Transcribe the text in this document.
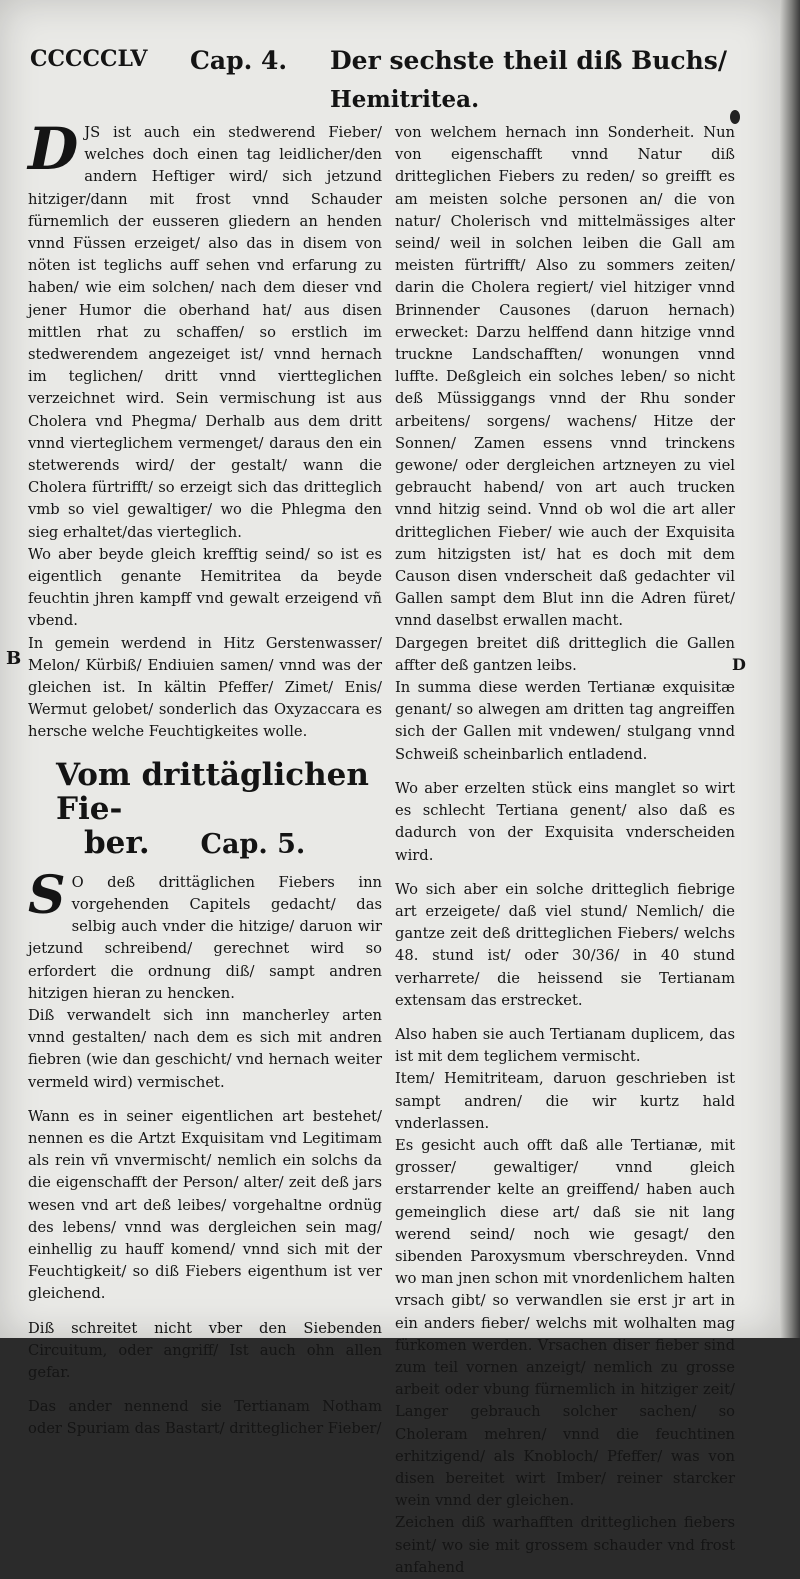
CCCCCLV Cap. 4. Der sechste theil diß Buchs/
Hemitritea.
B	D

D JS ist auch ein stedwerend Fieber/ welches doch einen tag leidlicher/den andern Heftiger wird/ sich jetzund hitziger/dann mit frost vnnd Schauder fürnemlich der eusseren gliedern an henden vnnd Füssen erzeiget/ also das in disem von nöten ist teglichs auff sehen vnd erfarung zu haben/ wie eim solchen/ nach dem dieser vnd jener Humor die oberhand hat/ aus disen mittlen rhat zu schaffen/ so erstlich im stedwerendem angezeiget ist/ vnnd hernach im teglichen/ dritt vnnd viertteglichen verzeichnet wird. Sein vermischung ist aus Cholera vnd Phegma/ Derhalb aus dem dritt vnnd vierteglichem vermenget/ daraus den ein stetwerends wird/ der gestalt/ wann die Cholera fürtrifft/ so erzeigt sich das dritteglich vmb so viel gewaltiger/ wo die Phlegma den sieg erhaltet/das vierteglich.

Wo aber beyde gleich krefftig seind/ so ist es eigentlich genante Hemitritea da beyde feuchtin jhren kampff vnd gewalt erzeigend vñ vbend.

In gemein werdend in Hitz Gerstenwasser/ Melon/ Kürbiß/ Endiuien samen/ vnnd was der gleichen ist. In kältin Pfeffer/ Zimet/ Enis/ Wermut gelobet/ sonderlich das Oxyzaccara es hersche welche Feuchtigkeites wolle.

Vom drittäglichen Fie-
ber. Cap. 5.

S O deß drittäglichen Fiebers inn vorgehenden Capitels gedacht/ das selbig auch vnder die hitzige/ daruon wir jetzund schreibend/ gerechnet wird so erfordert die ordnung diß/ sampt andren hitzigen hieran zu hencken.

Diß verwandelt sich inn mancherley arten vnnd gestalten/ nach dem es sich mit andren fiebren (wie dan geschicht/ vnd hernach weiter vermeld wird) vermischet.

Wann es in seiner eigentlichen art bestehet/ nennen es die Artzt Exquisitam vnd Legitimam als rein vñ vnvermischt/ nemlich ein solchs da die eigenschafft der Person/ alter/ zeit deß jars wesen vnd art deß leibes/ vorgehaltne ordnüg des lebens/ vnnd was dergleichen sein mag/ einhellig zu hauff komend/ vnnd sich mit der Feuchtigkeit/ so diß Fiebers eigenthum ist ver gleichend.

Diß schreitet nicht vber den Siebenden Circuitum, oder angriff/ Ist auch ohn allen gefar.

Das ander nennend sie Tertianam Notham oder Spuriam das Bastart/ dritteglicher Fieber/

von welchem hernach inn Sonderheit. Nun von eigenschafft vnnd Natur diß dritteglichen Fiebers zu reden/ so greifft es am meisten solche personen an/ die von natur/ Cholerisch vnd mittelmässiges alter seind/ weil in solchen leiben die Gall am meisten fürtrifft/ Also zu sommers zeiten/ darin die Cholera regiert/ viel hitziger vnnd Brinnender Causones (daruon hernach) erwecket: Darzu helffend dann hitzige vnnd truckne Landschafften/ wonungen vnnd luffte. Deßgleich ein solches leben/ so nicht deß Müssiggangs vnnd der Rhu sonder arbeitens/ sorgens/ wachens/ Hitze der Sonnen/ Zamen essens vnnd trinckens gewone/ oder dergleichen artzneyen zu viel gebraucht habend/ von art auch trucken vnnd hitzig seind. Vnnd ob wol die art aller dritteglichen Fieber/ wie auch der Exquisita zum hitzigsten ist/ hat es doch mit dem Causon disen vnderscheit daß gedachter vil Gallen sampt dem Blut inn die Adren füret/ vnnd daselbst erwallen macht.

Dargegen breitet diß dritteglich die Gallen affter deß gantzen leibs.

In summa diese werden Tertianæ exquisitæ genant/ so alwegen am dritten tag angreiffen sich der Gallen mit vndewen/ stulgang vnnd Schweiß scheinbarlich entladend.

Wo aber erzelten stück eins manglet so wirt es schlecht Tertiana genent/ also daß es dadurch von der Exquisita vnderscheiden wird.

Wo sich aber ein solche dritteglich fiebrige art erzeigete/ daß viel stund/ Nemlich/ die gantze zeit deß dritteglichen Fiebers/ welchs 48. stund ist/ oder 30/36/ in 40 stund verharrete/ die heissend sie Tertianam extensam das erstrecket.

Also haben sie auch Tertianam duplicem, das ist mit dem teglichem vermischt.

Item/ Hemitriteam, daruon geschrieben ist sampt andren/ die wir kurtz hald vnderlassen.

Es gesicht auch offt daß alle Tertianæ, mit grosser/ gewaltiger/ vnnd gleich erstarrender kelte an greiffend/ haben auch gemeinglich diese art/ daß sie nit lang werend seind/ noch wie gesagt/ den sibenden Paroxysmum vberschreyden. Vnnd wo man jnen schon mit vnordenlichem halten vrsach gibt/ so verwandlen sie erst jr art in ein anders fieber/ welchs mit wolhalten mag fürkomen werden. Vrsachen diser fieber sind zum teil vornen anzeigt/ nemlich zu grosse arbeit oder vbung fürnemlich in hitziger zeit/ Langer gebrauch solcher sachen/ so Choleram mehren/ vnnd die feuchtinen erhitzigend/ als Knobloch/ Pfeffer/ was von disen bereitet wirt Imber/ reiner starcker wein vnnd der gleichen.

Zeichen diß warhafften dritteglichen fiebers seint/ wo sie mit grossem schauder vnd frost anfahend
